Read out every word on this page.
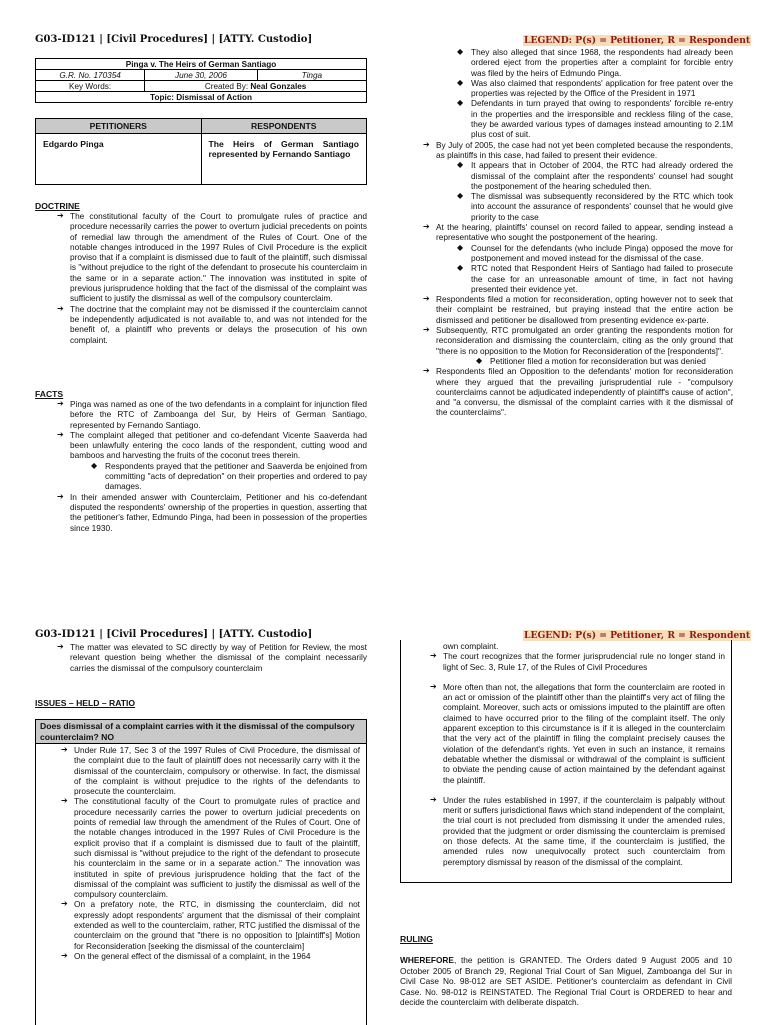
G03-ID121 | [Civil Procedures] | [ATTY. Custodio]	LEGEND: P(s) = Petitioner, R = Respondent
Pinga v. The Heirs of German Santiago		
G.R. No. 170354	June 30, 2006	Tinga
Key Words:	Created By: Neal Gonzales	
Topic: Dismissal of Action		
PETITIONERS	RESPONDENTS
Edgardo Pinga	The Heirs of German Santiago represented by Fernando Santiago
DOCTRINE

➔ The constitutional faculty of the Court to promulgate rules of practice and procedure necessarily carries the power to overturn judicial precedents on points of remedial law through the amendment of the Rules of Court. One of the notable changes introduced in the 1997 Rules of Civil Procedure is the explicit proviso that if a complaint is dismissed due to fault of the plaintiff, such dismissal is "without prejudice to the right of the defendant to prosecute his counterclaim in the same or in a separate action." The innovation was instituted in spite of previous jurisprudence holding that the fact of the dismissal of the complaint was sufficient to justify the dismissal as well of the compulsory counterclaim.

➔ The doctrine that the complaint may not be dismissed if the counterclaim cannot be independently adjudicated is not available to, and was not intended for the benefit of, a plaintiff who prevents or delays the prosecution of his own complaint.

FACTS

➔ Pinga was named as one of the two defendants in a complaint for injunction filed before the RTC of Zamboanga del Sur, by Heirs of German Santiago, represented by Fernando Santiago.

➔ The complaint alleged that petitioner and co-defendant Vicente Saaverda had been unlawfully entering the coco lands of the respondent, cutting wood and bamboos and harvesting the fruits of the coconut trees therein.

◆ Respondents prayed that the petitioner and Saaverda be enjoined from committing "acts of depredation" on their properties and ordered to pay damages.

➔ In their amended answer with Counterclaim, Petitioner and his co-defendant disputed the respondents' ownership of the properties in question, asserting that the petitioner's father, Edmundo Pinga, had been in possession of the properties since 1930.

◆ They also alleged that since 1968, the respondents had already been ordered eject from the properties after a complaint for forcible entry was filed by the heirs of Edmundo Pinga.

◆ Was also claimed that respondents' application for free patent over the properties was rejected by the Office of the President in 1971

◆ Defendants in turn prayed that owing to respondents' forcible re-entry in the properties and the irresponsible and reckless filing of the case, they be awarded various types of damages instead amounting to 2.1M plus cost of suit.

➔ By July of 2005, the case had not yet been completed because the respondents, as plaintiffs in this case, had failed to present their evidence.

◆ It appears that in October of 2004, the RTC had already ordered the dismissal of the complaint after the respondents' counsel had sought the postponement of the hearing scheduled then.

◆ The dismissal was subsequently reconsidered by the RTC which took into account the assurance of respondents' counsel that he would give priority to the case

➔ At the hearing, plaintiffs' counsel on record failed to appear, sending instead a representative who sought the postponement of the hearing.

◆ Counsel for the defendants (who include Pinga) opposed the move for postponement and moved instead for the dismissal of the case.

◆ RTC noted that Respondent Heirs of Santiago had failed to prosecute the case for an unreasonable amount of time, in fact not having presented their evidence yet.

➔ Respondents filed a motion for reconsideration, opting however not to seek that their complaint be restrained, but praying instead that the entire action be dismissed and petitioner be disallowed from presenting evidence ex-parte.

➔ Subsequently, RTC promulgated an order granting the respondents motion for reconsideration and dismissing the counterclaim, citing as the only ground that "there is no opposition to the Motion for Reconsideration of the [respondents]".

◆ Petitioner filed a motion for reconsideration but was denied

➔ Respondents filed an Opposition to the defendants' motion for reconsideration where they argued that the prevailing jurisprudential rule - "compulsory counterclaims cannot be adjudicated independently of plaintiff's cause of action", and "a conversu, the dismissal of the complaint carries with it the dismissal of the counterclaims".

G03-ID121 | [Civil Procedures] | [ATTY. Custodio]	LEGEND: P(s) = Petitioner, R = Respondent

➔ The matter was elevated to SC directly by way of Petition for Review, the most relevant question being whether the dismissal of the complaint necessarily carries the dismissal of the compulsory counterclaim

ISSUES – HELD – RATIO
Does dismissal of a complaint carries with it the dismissal of the compulsory counterclaim? NO

➔ Under Rule 17, Sec 3 of the 1997 Rules of Civil Procedure, the dismissal of the complaint due to the fault of plaintiff does not necessarily carry with it the dismissal of the counterclaim, compulsory or otherwise. In fact, the dismissal of the complaint is without prejudice to the rights of the defendants to prosecute the counterclaim.

➔ The constitutional faculty of the Court to promulgate rules of practice and procedure necessarily carries the power to overturn judicial precedents on points of remedial law through the amendment of the Rules of Court. One of the notable changes introduced in the 1997 Rules of Civil Procedure is the explicit proviso that if a complaint is dismissed due to fault of the plaintiff, such dismissal is "without prejudice to the right of the defendant to prosecute his counterclaim in the same or in a separate action." The innovation was instituted in spite of previous jurisprudence holding that the fact of the dismissal of the complaint was sufficient to justify the dismissal as well of the compulsory counterclaim.

➔ On a prefatory note, the RTC, in dismissing the counterclaim, did not expressly adopt respondents' argument that the dismissal of their complaint extended as well to the counterclaim, rather, RTC justified the dismissal of the counterclaim on the ground that "there is no opposition to [plaintiff's] Motion for Reconsideration [seeking the dismissal of the counterclaim]

➔ On the general effect of the dismissal of a complaint, in the 1964

➔ own complaint.

➔ The court recognizes that the former jurisprudencial rule no longer stand in light of Sec. 3, Rule 17, of the Rules of Civil Procedures

➔ More often than not, the allegations that form the counterclaim are rooted in an act or omission of the plaintiff other than the plaintiff's very act of filing the complaint. Moreover, such acts or omissions imputed to the plaintiff are often claimed to have occurred prior to the filing of the complaint itself. The only apparent exception to this circumstance is if it is alleged in the counterclaim that the very act of the plaintiff in filing the complaint precisely causes the violation of the defendant's rights. Yet even in such an instance, it remains debatable whether the dismissal or withdrawal of the complaint is sufficient to obviate the pending cause of action maintained by the defendant against the plaintiff.

➔ Under the rules established in 1997, if the counterclaim is palpably without merit or suffers jurisdictional flaws which stand independent of the complaint, the trial court is not precluded from dismissing it under the amended rules, provided that the judgment or order dismissing the counterclaim is premised on those defects. At the same time, if the counterclaim is justified, the amended rules now unequivocally protect such counterclaim from peremptory dismissal by reason of the dismissal of the complaint.

RULING

WHEREFORE, the petition is GRANTED. The Orders dated 9 August 2005 and 10 October 2005 of Branch 29, Regional Trial Court of San Miguel, Zamboanga del Sur in Civil Case No. 98-012 are SET ASIDE. Petitioner's counterclaim as defendant in Civil Case. No. 98-012 is REINSTATED. The Regional Trial Court is ORDERED to hear and decide the counterclaim with deliberate dispatch.
